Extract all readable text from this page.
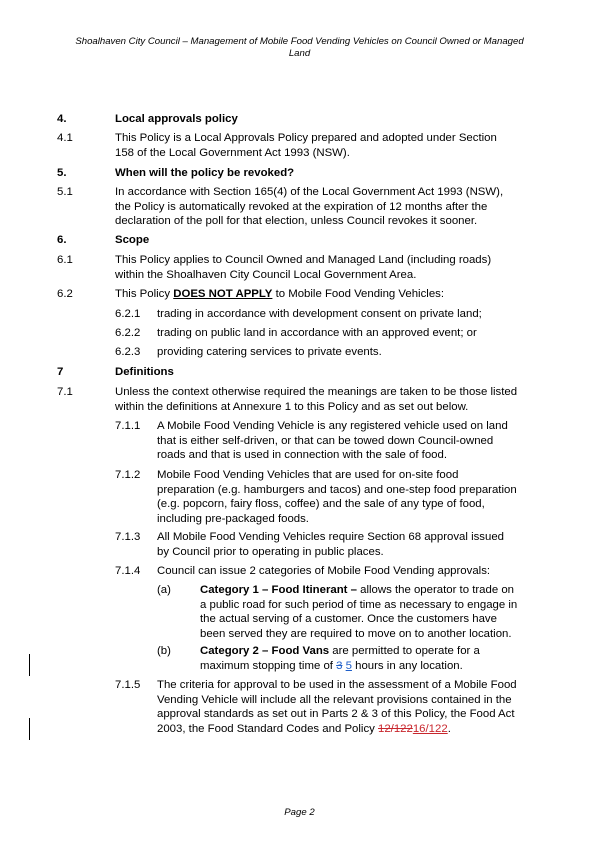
Shoalhaven City Council – Management of Mobile Food Vending Vehicles on Council Owned or Managed
Land
4.	Local approvals policy
4.1	This Policy is a Local Approvals Policy prepared and adopted under Section
158 of the Local Government Act 1993 (NSW).
5.	When will the policy be revoked?
5.1	In accordance with Section 165(4) of the Local Government Act 1993 (NSW),
the Policy is automatically revoked at the expiration of 12 months after the
declaration of the poll for that election, unless Council revokes it sooner.
6.	Scope
6.1	This Policy applies to Council Owned and Managed Land (including roads)
within the Shoalhaven City Council Local Government Area.
6.2	This Policy DOES NOT APPLY to Mobile Food Vending Vehicles:
6.2.1 trading in accordance with development consent on private land;
6.2.2 trading on public land in accordance with an approved event; or
6.2.3 providing catering services to private events.
7	Definitions
7.1	Unless the context otherwise required the meanings are taken to be those listed
within the definitions at Annexure 1 to this Policy and as set out below.
7.1.1 A Mobile Food Vending Vehicle is any registered vehicle used on land
that is either self-driven, or that can be towed down Council-owned
roads and that is used in connection with the sale of food.
7.1.2 Mobile Food Vending Vehicles that are used for on-site food
preparation (e.g. hamburgers and tacos) and one-step food preparation
(e.g. popcorn, fairy floss, coffee) and the sale of any type of food,
including pre-packaged foods.
7.1.3 All Mobile Food Vending Vehicles require Section 68 approval issued
by Council prior to operating in public places.
7.1.4 Council can issue 2 categories of Mobile Food Vending approvals:
(a)	Category 1 – Food Itinerant – allows the operator to trade on
a public road for such period of time as necessary to engage in
the actual serving of a customer. Once the customers have
been served they are required to move on to another location.
(b)	Category 2 – Food Vans are permitted to operate for a
maximum stopping time of 3 5 hours in any location.
7.1.5 The criteria for approval to be used in the assessment of a Mobile Food
Vending Vehicle will include all the relevant provisions contained in the
approval standards as set out in Parts 2 & 3 of this Policy, the Food Act
2003, the Food Standard Codes and Policy 12/12216/122.
Page 2
